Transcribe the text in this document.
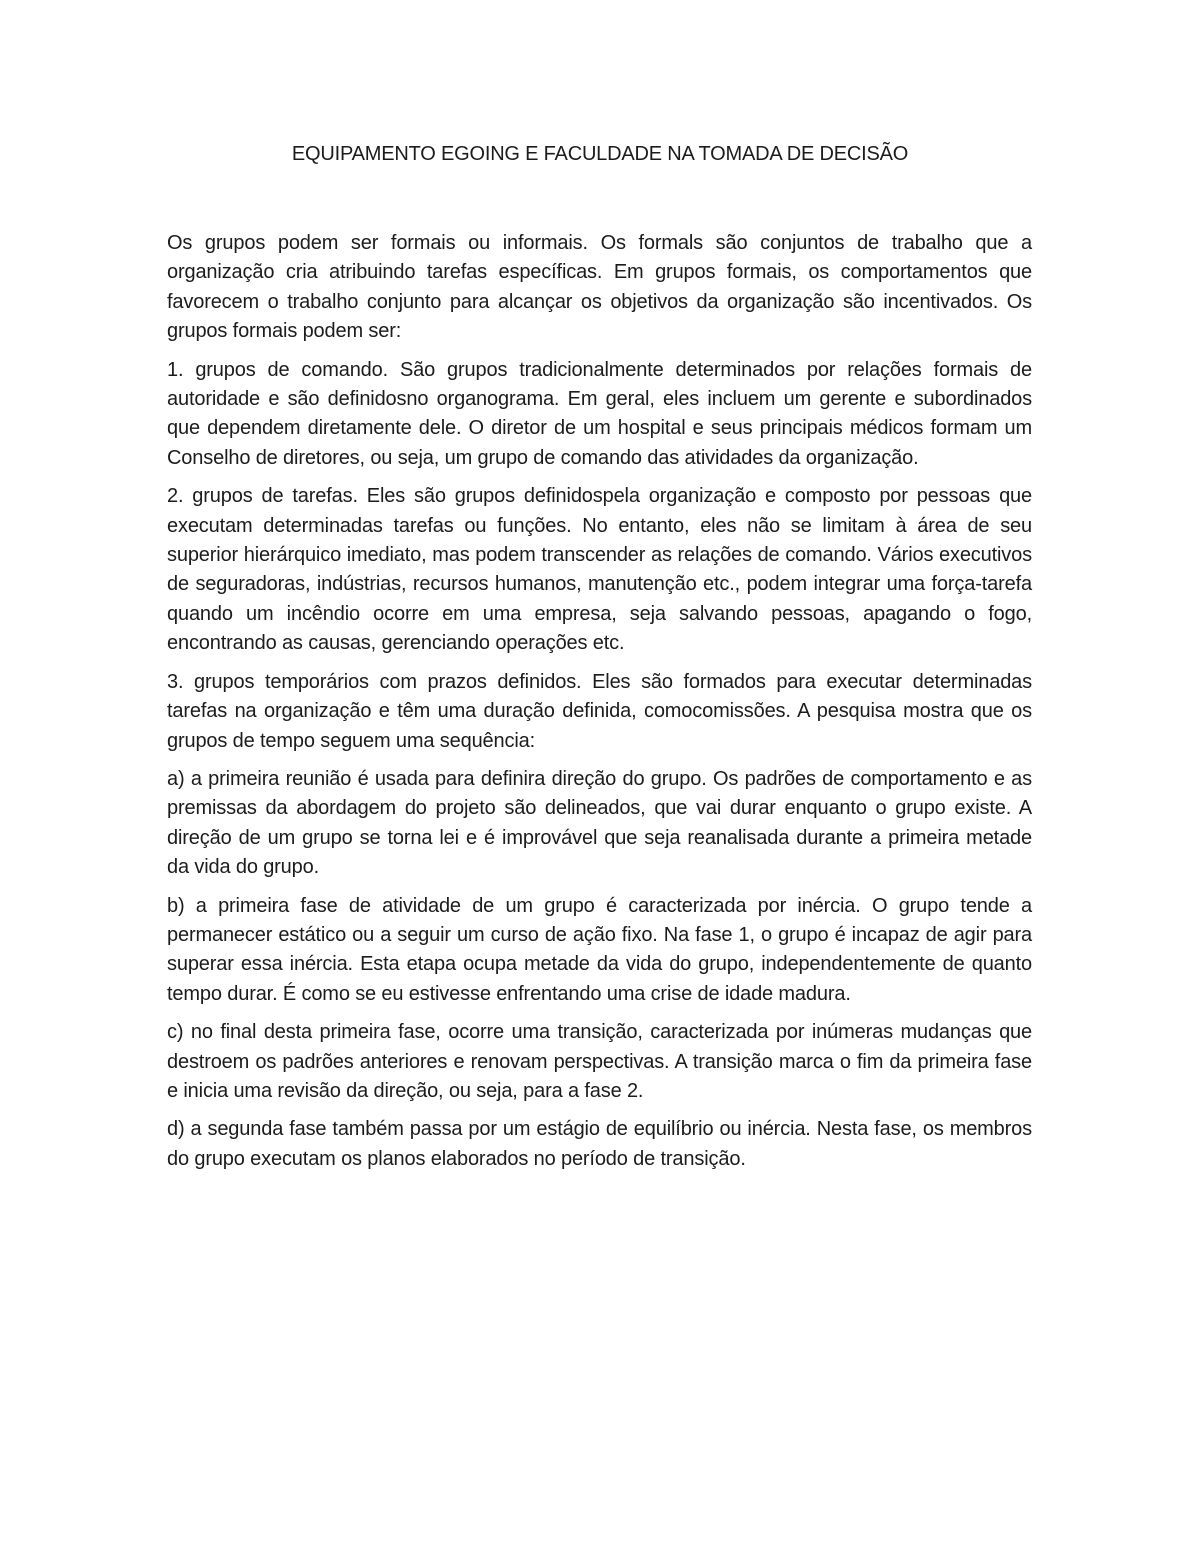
EQUIPAMENTO EGOING E FACULDADE NA TOMADA DE DECISÃO

Os grupos podem ser formais ou informais. Os formals são conjuntos de trabalho que a organização cria atribuindo tarefas específicas. Em grupos formais, os comportamentos que favorecem o trabalho conjunto para alcançar os objetivos da organização são incentivados. Os grupos formais podem ser:

1. grupos de comando. São grupos tradicionalmente determinados por relações formais de autoridade e são definidosno organograma. Em geral, eles incluem um gerente e subordinados que dependem diretamente dele. O diretor de um hospital e seus principais médicos formam um Conselho de diretores, ou seja, um grupo de comando das atividades da organização.

2. grupos de tarefas. Eles são grupos definidospela organização e composto por pessoas que executam determinadas tarefas ou funções. No entanto, eles não se limitam à área de seu superior hierárquico imediato, mas podem transcender as relações de comando. Vários executivos de seguradoras, indústrias, recursos humanos, manutenção etc., podem integrar uma força-tarefa quando um incêndio ocorre em uma empresa, seja salvando pessoas, apagando o fogo, encontrando as causas, gerenciando operações etc.

3. grupos temporários com prazos definidos. Eles são formados para executar determinadas tarefas na organização e têm uma duração definida, comocomissões. A pesquisa mostra que os grupos de tempo seguem uma sequência:

a) a primeira reunião é usada para definira direção do grupo. Os padrões de comportamento e as premissas da abordagem do projeto são delineados, que vai durar enquanto o grupo existe. A direção de um grupo se torna lei e é improvável que seja reanalisada durante a primeira metade da vida do grupo.

b) a primeira fase de atividade de um grupo é caracterizada por inércia. O grupo tende a permanecer estático ou a seguir um curso de ação fixo. Na fase 1, o grupo é incapaz de agir para superar essa inércia. Esta etapa ocupa metade da vida do grupo, independentemente de quanto tempo durar. É como se eu estivesse enfrentando uma crise de idade madura.

c) no final desta primeira fase, ocorre uma transição, caracterizada por inúmeras mudanças que destroem os padrões anteriores e renovam perspectivas. A transição marca o fim da primeira fase e inicia uma revisão da direção, ou seja, para a fase 2.

d) a segunda fase também passa por um estágio de equilíbrio ou inércia. Nesta fase, os membros do grupo executam os planos elaborados no período de transição.
